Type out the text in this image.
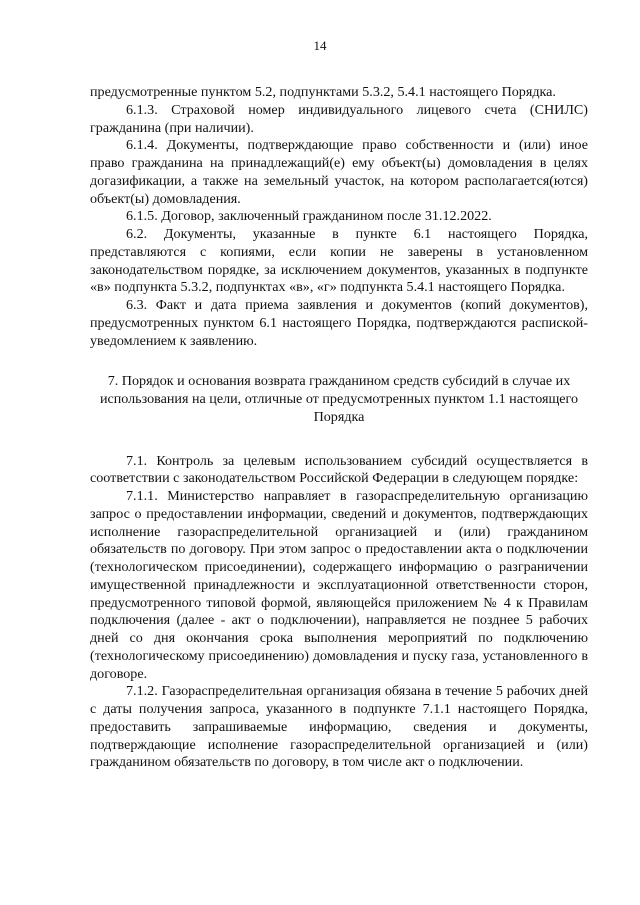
14

предусмотренные пунктом 5.2, подпунктами 5.3.2, 5.4.1 настоящего Порядка.

6.1.3. Страховой номер индивидуального лицевого счета (СНИЛС) гражданина (при наличии).

6.1.4. Документы, подтверждающие право собственности и (или) иное право гражданина на принадлежащий(е) ему объект(ы) домовладения в целях догазификации, а также на земельный участок, на котором располагается(ются) объект(ы) домовладения.

6.1.5. Договор, заключенный гражданином после 31.12.2022.

6.2. Документы, указанные в пункте 6.1 настоящего Порядка, представляются с копиями, если копии не заверены в установленном законодательством порядке, за исключением документов, указанных в подпункте «в» подпункта 5.3.2, подпунктах «в», «г» подпункта 5.4.1 настоящего Порядка.

6.3. Факт и дата приема заявления и документов (копий документов), предусмотренных пунктом 6.1 настоящего Порядка, подтверждаются распиской-уведомлением к заявлению.

7. Порядок и основания возврата гражданином средств субсидий в случае их использования на цели, отличные от предусмотренных пунктом 1.1 настоящего Порядка

7.1. Контроль за целевым использованием субсидий осуществляется в соответствии с законодательством Российской Федерации в следующем порядке:

7.1.1. Министерство направляет в газораспределительную организацию запрос о предоставлении информации, сведений и документов, подтверждающих исполнение газораспределительной организацией и (или) гражданином обязательств по договору. При этом запрос о предоставлении акта о подключении (технологическом присоединении), содержащего информацию о разграничении имущественной принадлежности и эксплуатационной ответственности сторон, предусмотренного типовой формой, являющейся приложением № 4 к Правилам подключения (далее - акт о подключении), направляется не позднее 5 рабочих дней со дня окончания срока выполнения мероприятий по подключению (технологическому присоединению) домовладения и пуску газа, установленного в договоре.

7.1.2. Газораспределительная организация обязана в течение 5 рабочих дней с даты получения запроса, указанного в подпункте 7.1.1 настоящего Порядка, предоставить запрашиваемые информацию, сведения и документы, подтверждающие исполнение газораспределительной организацией и (или) гражданином обязательств по договору, в том числе акт о подключении.
